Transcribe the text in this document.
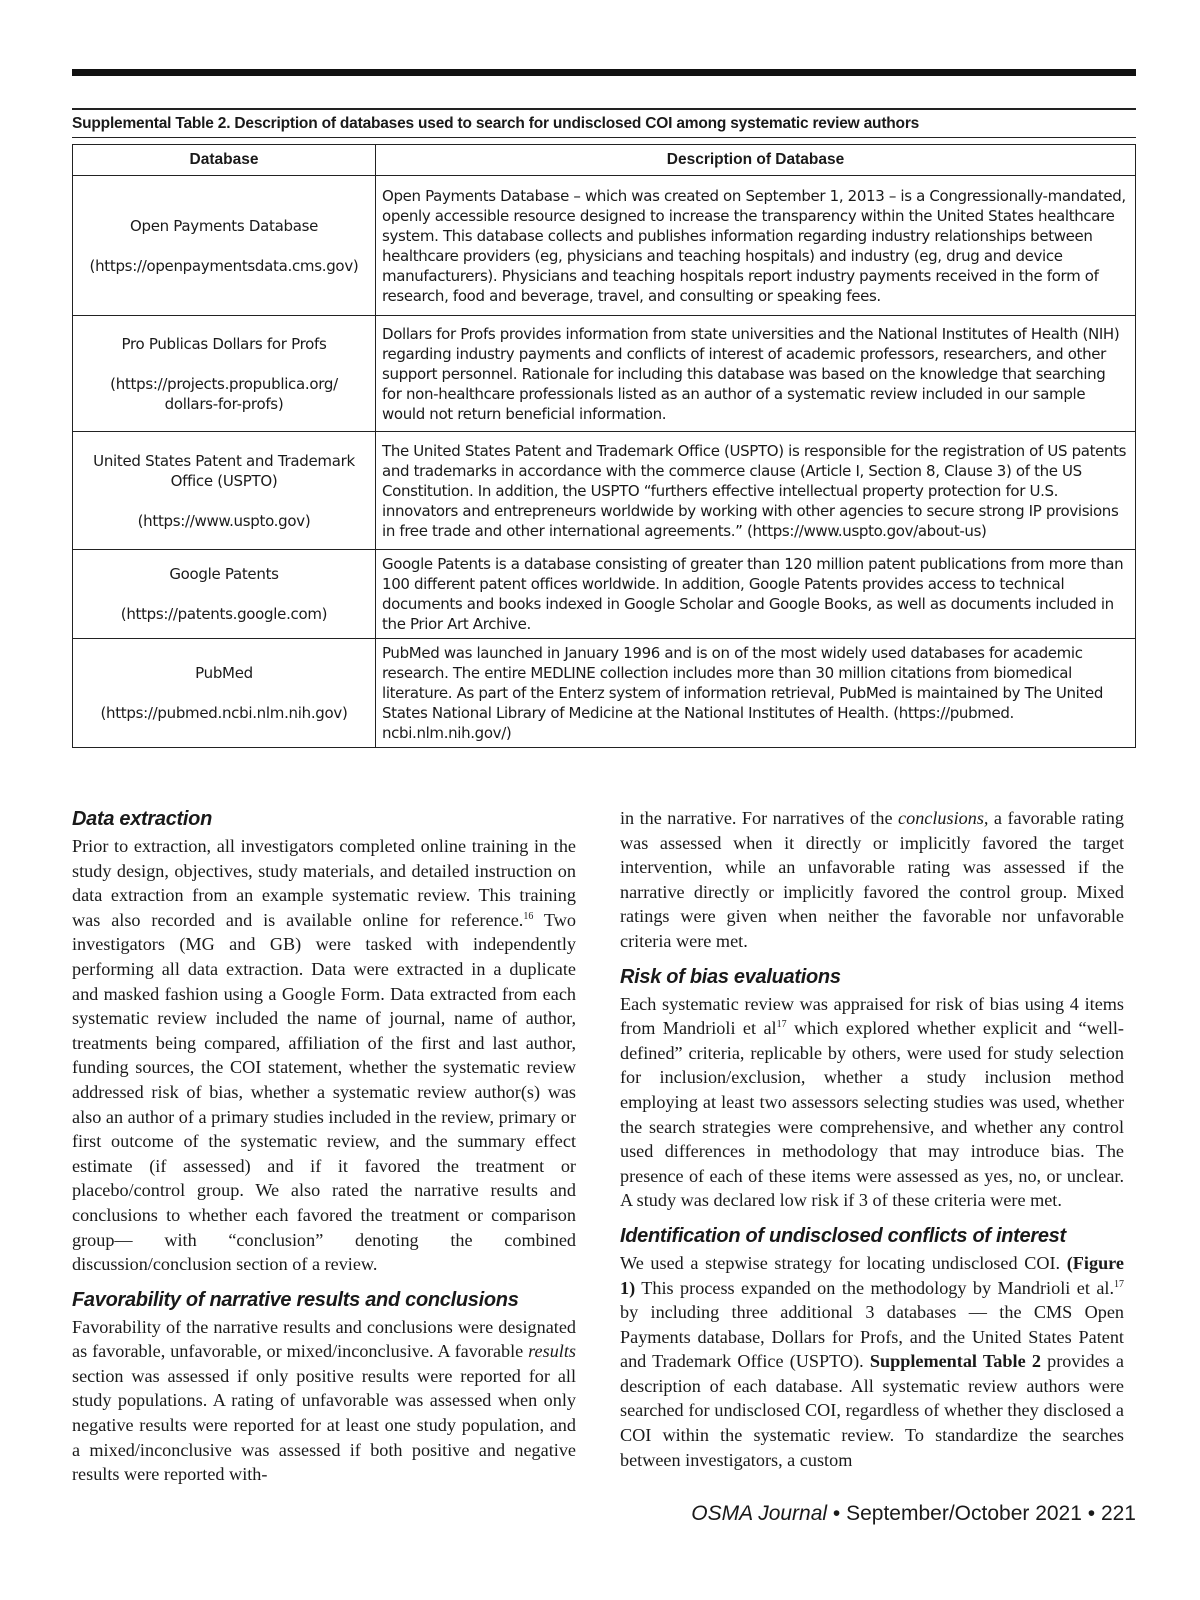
Supplemental Table 2. Description of databases used to search for undisclosed COI among systematic review authors
Database	Description of Database

Open Payments Database
(https://openpaymentsdata.cms.gov)	Open Payments Database – which was created on September 1, 2013 – is a Congressionally-mandated, openly accessible resource designed to increase the transparency within the United States healthcare system. This database collects and publishes information regarding industry relationships between healthcare providers (eg, physicians and teaching hospitals) and industry (eg, drug and device manufacturers). Physicians and teaching hospitals report industry payments received in the form of research, food and beverage, travel, and consulting or speaking fees.

Pro Publicas Dollars for Profs
(https://projects.propublica.org/ dollars-for-profs)	Dollars for Profs provides information from state universities and the National Institutes of Health (NIH) regarding industry payments and conflicts of interest of academic professors, researchers, and other support personnel. Rationale for including this database was based on the knowledge that searching for non-healthcare professionals listed as an author of a systematic review included in our sample would not return beneficial information.

United States Patent and Trademark Office (USPTO)
(https://www.uspto.gov)	The United States Patent and Trademark Office (USPTO) is responsible for the registration of US patents and trademarks in accordance with the commerce clause (Article I, Section 8, Clause 3) of the US Constitution. In addition, the USPTO “furthers effective intellectual property protection for U.S. innovators and entrepreneurs worldwide by working with other agencies to secure strong IP provisions in free trade and other international agreements.” (https://www.uspto.gov/about-us)

Google Patents
(https://patents.google.com)	Google Patents is a database consisting of greater than 120 million patent publications from more than 100 different patent offices worldwide. In addition, Google Patents provides access to technical documents and books indexed in Google Scholar and Google Books, as well as documents included in the Prior Art Archive.

PubMed
(https://pubmed.ncbi.nlm.nih.gov)	PubMed was launched in January 1996 and is on of the most widely used databases for academic research. The entire MEDLINE collection includes more than 30 million citations from biomedical literature. As part of the Enterz system of information retrieval, PubMed is maintained by The United States National Library of Medicine at the National Institutes of Health. (https://pubmed. ncbi.nlm.nih.gov/)
Data extraction

Prior to extraction, all investigators completed online training in the study design, objectives, study materials, and detailed instruction on data extraction from an example systematic review. This training was also recorded and is available online for reference.$^{16}$ Two investigators (MG and GB) were tasked with independently performing all data extraction. Data were extracted in a duplicate and masked fashion using a Google Form. Data extracted from each systematic review included the name of journal, name of author, treatments being compared, affiliation of the first and last author, funding sources, the COI statement, whether the systematic review addressed risk of bias, whether a systematic review author(s) was also an author of a primary studies included in the review, primary or first outcome of the systematic review, and the summary effect estimate (if assessed) and if it favored the treatment or placebo/control group. We also rated the narrative results and conclusions to whether each favored the treatment or comparison group— with “conclusion” denoting the combined discussion/conclusion section of a review.

Favorability of narrative results and conclusions

Favorability of the narrative results and conclusions were designated as favorable, unfavorable, or mixed/inconclusive. A favorable results section was assessed if only positive results were reported for all study populations. A rating of unfavorable was assessed when only negative results were reported for at least one study population, and a mixed/inconclusive was assessed if both positive and negative results were reported with-

in the narrative. For narratives of the conclusions, a favorable rating was assessed when it directly or implicitly favored the target intervention, while an unfavorable rating was assessed if the narrative directly or implicitly favored the control group. Mixed ratings were given when neither the favorable nor unfavorable criteria were met.

Risk of bias evaluations

Each systematic review was appraised for risk of bias using 4 items from Mandrioli et $al^{17}$ which explored whether explicit and “well-defined” criteria, replicable by others, were used for study selection for inclusion/exclusion, whether a study inclusion method employing at least two assessors selecting studies was used, whether the search strategies were comprehensive, and whether any control used differences in methodology that may introduce bias. The presence of each of these items were assessed as yes, no, or unclear. A study was declared low risk if 3 of these criteria were met.

Identification of undisclosed conflicts of interest

We used a stepwise strategy for locating undisclosed COI. (Figure 1) This process expanded on the methodology by Mandrioli et al.$^{17}$ by including three additional 3 databases — the CMS Open Payments database, Dollars for Profs, and the United States Patent and Trademark Office (USPTO). Supplemental Table 2 provides a description of each database. All systematic review authors were searched for undisclosed COI, regardless of whether they disclosed a COI within the systematic review. To standardize the searches between investigators, a custom

OSMA Journal • September/October 2021 • 221
